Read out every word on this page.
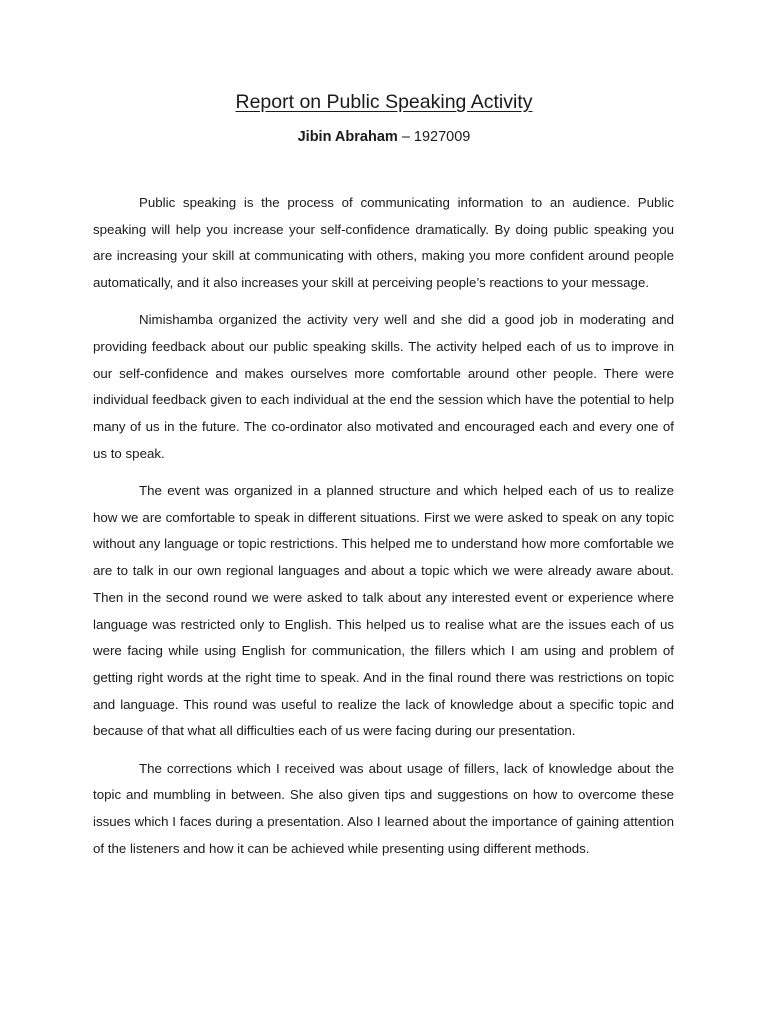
Report on Public Speaking Activity
Jibin Abraham – 1927009

Public speaking is the process of communicating information to an audience. Public speaking will help you increase your self-confidence dramatically. By doing public speaking you are increasing your skill at communicating with others, making you more confident around people automatically, and it also increases your skill at perceiving people’s reactions to your message.

Nimishamba organized the activity very well and she did a good job in moderating and providing feedback about our public speaking skills. The activity helped each of us to improve in our self-confidence and makes ourselves more comfortable around other people. There were individual feedback given to each individual at the end the session which have the potential to help many of us in the future. The co-ordinator also motivated and encouraged each and every one of us to speak.

The event was organized in a planned structure and which helped each of us to realize how we are comfortable to speak in different situations. First we were asked to speak on any topic without any language or topic restrictions. This helped me to understand how more comfortable we are to talk in our own regional languages and about a topic which we were already aware about. Then in the second round we were asked to talk about any interested event or experience where language was restricted only to English. This helped us to realise what are the issues each of us were facing while using English for communication, the fillers which I am using and problem of getting right words at the right time to speak. And in the final round there was restrictions on topic and language. This round was useful to realize the lack of knowledge about a specific topic and because of that what all difficulties each of us were facing during our presentation.

The corrections which I received was about usage of fillers, lack of knowledge about the topic and mumbling in between. She also given tips and suggestions on how to overcome these issues which I faces during a presentation. Also I learned about the importance of gaining attention of the listeners and how it can be achieved while presenting using different methods.
